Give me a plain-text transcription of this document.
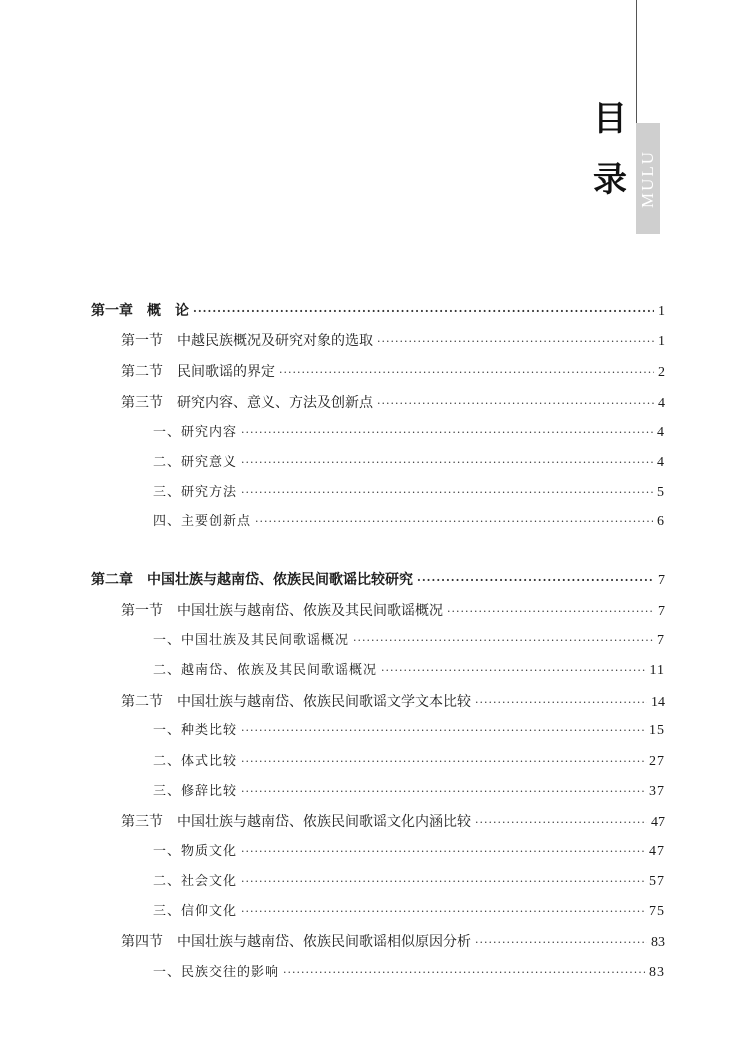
目
录 MULU
第一章　概　论 ·····	1
第一节　中越民族概况及研究对象的选取 ·····	1
第二节　民间歌谣的界定 ·····	2
第三节　研究内容、意义、方法及创新点 ·····	4
一、研究内容 ·····	4
二、研究意义 ·····	4
三、研究方法 ·····	5
四、主要创新点 ·····	6
第二章　中国壮族与越南岱、侬族民间歌谣比较研究 ·····	7
第一节　中国壮族与越南岱、侬族及其民间歌谣概况 ·····	7
一、中国壮族及其民间歌谣概况 ·····	7
二、越南岱、侬族及其民间歌谣概况 ·····	11
第二节　中国壮族与越南岱、侬族民间歌谣文学文本比较 ·····	14
一、种类比较 ·····	15
二、体式比较 ·····	27
三、修辞比较 ·····	37
第三节　中国壮族与越南岱、侬族民间歌谣文化内涵比较 ·····	47
一、物质文化 ·····	47
二、社会文化 ·····	57
三、信仰文化 ·····	75
第四节　中国壮族与越南岱、侬族民间歌谣相似原因分析 ·····	83
一、民族交往的影响 ·····	83
